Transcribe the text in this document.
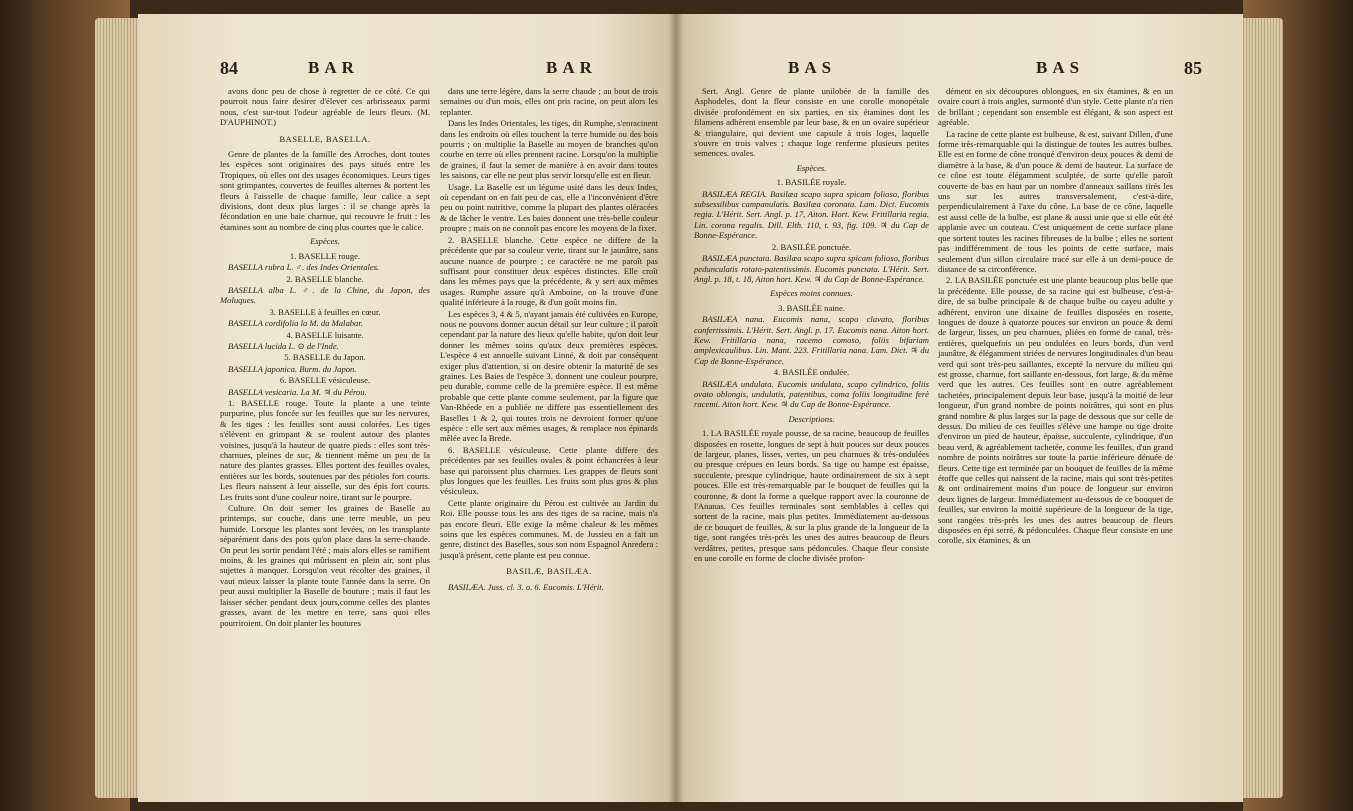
84	BAR	BAR

avons donc peu de chose à regretter de ce côté. Ce qui pourroit nous faire desirer d'élever ces arbrisseaux parmi nous, c'est sur-tout l'odeur agréable de leurs fleurs. (M. D'AUPHINOT.)

BASELLE, BASELLA.

Genre de plantes de la famille des Arroches, dont toutes les espèces sont originaires des pays situés entre les Tropiques, où elles ont des usages économiques. Leurs tiges sont grimpantes, couvertes de feuilles alternes & portent les fleurs à l'aisselle de chaque famille, leur calice a sept divisions, dont deux plus larges : il se change après la fécondation en une baie charnue, qui recouvre le fruit : les étamines sont au nombre de cinq plus courtes que le calice.

Espèces.

1. BASELLE rouge.

BASELLA rubra L. ♂. des Indes Orientales.

2. BASELLE blanche.

BASELLA alba L. ♂. de la Chine, du Japon, des Moluques.

3. BASELLE à feuilles en cœur.

BASELLA cordifolia la M. du Malabar.

4. BASELLE luisante.

BASELLA lucida L. ⊙ de l'Inde.

5. BASELLE du Japon.

BASELLA japonica. Burm. du Japon.

6. BASELLE vésiculeuse.

BASELLA vesicaria. La M. ♃ du Pérou.

1. BASELLE rouge. Toute la plante a une teinte purpurine, plus foncée sur les feuilles que sur les nervures, & les tiges : les feuilles sont aussi colorées. Les tiges s'élèvent en grimpant & se roulent autour des plantes voisines, jusqu'à la hauteur de quatre pieds : elles sont très-charnues, pleines de suc, & tiennent même un peu de la nature des plantes grasses. Elles portent des feuilles ovales, entières sur les bords, soutenues par des pétioles fort courts. Les fleurs naissent à leur aisselle, sur des épis fort courts. Les fruits sont d'une couleur noire, tirant sur le pourpre.

Culture. On doit semer les graines de Baselle au printemps, sur couche, dans une terre meuble, un peu humide. Lorsque les plantes sont levées, on les transplante séparément dans des pots qu'on place dans la serre-chaude. On peut les sortir pendant l'été ; mais alors elles se ramifient moins, & les graines qui mûrissent en plein air, sont plus sujettes à manquer. Lorsqu'on veut récolter des graines, il vaut mieux laisser la plante toute l'année dans la serre. On peut aussi multiplier la Baselle de bouture ; mais il faut les laisser sécher pendant deux jours,comme celles des plantes grasses, avant de les mettre en terre, sans quoi elles pourriroient. On doit planter les boutures

dans une terre légère, dans la serre chaude ; au bout de trois semaines ou d'un mois, elles ont pris racine, on peut alors les replanter.

Dans les Indes Orientales, les tiges, dit Rumphe, s'enracinent dans les endroits où elles touchent la terre humide ou des bois pourris ; on multiplie la Baselle au moyen de branches qu'on courbe en terre où elles prennent racine. Lorsqu'on la multiplie de graines, il faut la semer de manière à en avoir dans toutes les saisons, car elle ne peut plus servir lorsqu'elle est en fleur.

Usage. La Baselle est un légume usité dans les deux Indes, où cependant on en fait peu de cas, elle a l'inconvénient d'être peu ou point nutritive, comme la plupart des plantes oléracées & de lâcher le ventre. Les baies donnent une très-belle couleur proupre ; mais on ne connoît pas encore les moyens de la fixer.

2. BASELLE blanche. Cette espèce ne differe de la précédente que par sa couleur verte, tirant sur le jaunâtre, sans aucune nuance de pourpre ; ce caractère ne me paroît pas suffisant pour constituer deux espèces distinctes. Elle croît dans les mêmes pays que la précédente, & y sert aux mêmes usages. Rumphe assure qu'à Amboine, on la trouve d'une qualité inférieure à la rouge, & d'un goût moins fin.

Les espèces 3, 4 & 5, n'ayant jamais été cultivées en Europe, nous ne pouvons donner aucun détail sur leur culture ; il paroît cependant par la nature des lieux qu'elle habite, qu'on doit leur donner les mêmes soins qu'aux deux premières espèces. L'espèce 4 est annuelle suivant Linné, & doit par conséquent exiger plus d'attention, si on desire obtenir la maturité de ses graines. Les Baies de l'espèce 3. donnent une couleur pourpre, peu durable, comme celle de la première espèce. Il est même probable que cette plante comme seulement, par la figure que Van-Rhéede en a publiée ne differe pas essentiellement des Baselles 1 & 2, qui toutes trois ne devroient former qu'une espèce : elle sert aux mêmes usages, & remplace nos épinards mêlée avec la Brede.

6. BASELLE vésiculeuse. Cette plante differe des précédentes par ses feuilles ovales & point échancrées à leur base qui paroissent plus charnues. Les grappes de fleurs sont plus longues que les feuilles. Les fruits sont plus gros & plus vésiculeux.

Cette plante originaire du Pérou est cultivée au Jardin du Roi. Elle pousse tous les ans des tiges de sa racine, mais n'a pas encore fleuri. Elle exige la même chaleur & les mêmes soins que les espèces communes. M. de Jussieu en a fait un genre, distinct des Baselles, sous son nom Espagnol Anredera : jusqu'à présent, cette plante est peu connue.

BASILÆ, BASILÆA.

BASILÆA. Juss. cl. 3. o. 6. Eucomis. L'Hérit.

BAS	BAS	85

Sert. Angl. Genre de plante unilobée de la famille des Asphodeles, dont la fleur consiste en une corolle monopétale divisée profondément en six parties, en six étamines dont les filamens adhèrent ensemble par leur base, & en un ovaire supérieur & triangulaire, qui devient une capsule à trois loges, laquelle s'ouvre en trois valves ; chaque loge renferme plusieurs petites semences. ovales.

Espèces.

1. BASILÉE royale.

BASILÆA REGIA. Basilæa scapo supra spicam folioso, floribus subsessilibus campanulatis. Basilæa coronata. Lam. Dict. Eucomis regia. L'Hérit. Sert. Angl. p. 17, Aiton. Hort. Kew. Fritillaria regia. Lin. corona regalis. Dill. Elth. 110, t. 93, fig. 109. ♃ du Cap de Bonne-Espérance.

2. BASILÉE ponctuée.

BASILÆA punctata. Basilæa scapo supra spicam folioso, floribus pedunculatis rotato-patentissimis. Eucomis punctata. L'Hérit. Sert. Angl. p. 18, t. 18, Aiton hort. Kew. ♃ du Cap de Bonne-Espérance.

Espèces moins connues.

3. BASILÉE naine.

BASILÆA nana. Eucomis nana, scapo clavato, floribus confertissimis. L'Hérit. Sert. Angl. p. 17. Eucomis nana. Aiton hort. Kew. Fritillaria nana, racemo comoso, foliis bifariam amplexicaulibus. Lin. Mant. 223. Fritillaria nana. Lam. Dict. ♃ du Cap de Bonne-Espérance.

4. BASILÉE ondulée.

BASILÆA undulata. Eucomis undulata, scapo cylindrico, foliis ovato oblongis, undulatis, patentibus, coma foliis longitudine ferè racemi. Aiton hort. Kew. ♃ du Cap de Bonne-Espérance.

Descriptions.

1. LA BASILÉE royale pousse, de sa racine, beaucoup de feuilles disposées en rosette, longues de sept à huit pouces sur deux pouces de largeur, planes, lisses, vertes, un peu charnues & très-ondulées ou presque crépues en leurs bords. Sa tige ou hampe est épaisse, succulente, presque cylindrique, haute ordinairement de six à sept pouces. Elle est très-remarquable par le bouquet de feuilles qui la couronne, & dont la forme a quelque rapport avec la couronne de l'Ananas. Ces feuilles terminales sont semblables à celles qui sortent de la racine, mais plus petites. Immédiatement au-dessous de ce bouquet de feuilles, & sur la plus grande de la longueur de la tige, sont rangées très-près les unes des autres beaucoup de fleurs verdâtres, petites, presque sans pédoncules. Chaque fleur consiste en une corolle en forme de cloche divisée profon-

dément en six découpures oblongues, en six étamines, & en un ovaire court à trois angles, surmonté d'un style. Cette plante n'a rien de brillant ; cependant son ensemble est élégant, & son aspect est agréable.

La racine de cette plante est bulbeuse, & est, suivant Dillen, d'une forme très-remarquable qui la distingue de toutes les autres bulbes. Elle est en forme de cône tronqué d'environ deux pouces & demi de diamètre à la base, & d'un pouce & demi de hauteur. La surface de ce cône est toute élégamment sculptée, de sorte qu'elle paroît couverte de bas en haut par un nombre d'anneaux saillans tirés les uns sur les autres transversalement, c'est-à-dire, perpendiculairement à l'axe du cône. La base de ce cône, laquelle est aussi celle de la bulbe, est plane & aussi unie que si elle eût été applanie avec un couteau. C'est uniquement de cette surface plane que sortent toutes les racines fibreuses de la bulbe ; elles ne sortent pas indifféremment de tous les points de cette surface, mais seulement d'un sillon circulaire tracé sur elle à un demi-pouce de distance de sa circonférence.

2. LA BASILÉE ponctuée est une plante beaucoup plus belle que la précédente. Elle pousse, de sa racine qui est bulbeuse, c'est-à-dire, de sa bulbe principale & de chaque bulbe ou cayeu adulte y adhérent, environ une dixaine de feuilles disposées en rosette, longues de douze à quatorze pouces sur environ un pouce & demi de largeur, lisses, un peu charnues, pliées en forme de canal, très-entières, quelquefois un peu ondulées en leurs bords, d'un verd jaunâtre, & élégamment striées de nervures longitudinales d'un beau verd qui sont très-peu saillantes, excepté la nervure du milieu qui est grosse, charnue, fort saillante en-dessous, fort large, & du même verd que les autres. Ces feuilles sont en outre agréablement tachetées, principalement depuis leur base, jusqu'à la moitié de leur longueur, d'un grand nombre de points noirâtres, qui sont en plus grand nombre & plus larges sur la page de dessous que sur celle de dessus. Du milieu de ces feuilles s'élève une hampe ou tige droite d'environ un pied de hauteur, épaisse, succulente, cylindrique, d'un beau verd, & agréablement tachetée, comme les feuilles, d'un grand nombre de points noirâtres sur toute la partie inférieure dénuée de fleurs. Cette tige est terminée par un bouquet de feuilles de la même étoffe que celles qui naissent de la racine, mais qui sont très-petites & ont ordinairement moins d'un pouce de longueur sur environ deux lignes de largeur. Immédiatement au-dessous de ce bouquet de feuilles, sur environ la moitié supérieure de la longueur de la tige, sont rangées très-près les unes des autres beaucoup de fleurs disposées en épi serré, & pédonculées. Chaque fleur consiste en une corolle, six étamines, & un
